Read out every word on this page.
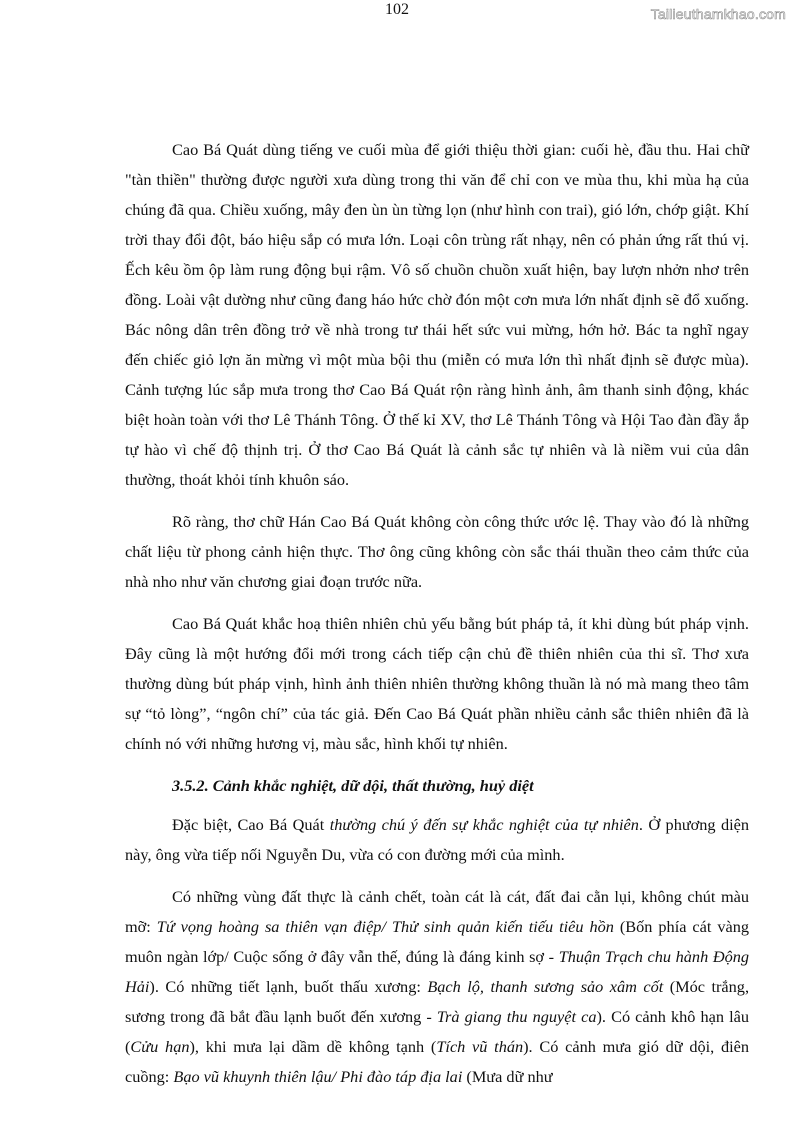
102	Tailieuthamkhao.com

Cao Bá Quát dùng tiếng ve cuối mùa để giới thiệu thời gian: cuối hè, đầu thu. Hai chữ "tàn thiền" thường được người xưa dùng trong thi văn để chỉ con ve mùa thu, khi mùa hạ của chúng đã qua. Chiều xuống, mây đen ùn ùn từng lọn (như hình con trai), gió lớn, chớp giật. Khí trời thay đổi đột, báo hiệu sắp có mưa lớn. Loại côn trùng rất nhạy, nên có phản ứng rất thú vị. Ếch kêu ồm ộp làm rung động bụi rậm. Vô số chuồn chuồn xuất hiện, bay lượn nhởn nhơ trên đồng. Loài vật dường như cũng đang háo hức chờ đón một cơn mưa lớn nhất định sẽ đổ xuống. Bác nông dân trên đồng trở về nhà trong tư thái hết sức vui mừng, hớn hở. Bác ta nghĩ ngay đến chiếc giỏ lợn ăn mừng vì một mùa bội thu (miễn có mưa lớn thì nhất định sẽ được mùa). Cảnh tượng lúc sắp mưa trong thơ Cao Bá Quát rộn ràng hình ảnh, âm thanh sinh động, khác biệt hoàn toàn với thơ Lê Thánh Tông. Ở thế kỉ XV, thơ Lê Thánh Tông và Hội Tao đàn đầy ắp tự hào vì chế độ thịnh trị. Ở thơ Cao Bá Quát là cảnh sắc tự nhiên và là niềm vui của dân thường, thoát khỏi tính khuôn sáo.

Rõ ràng, thơ chữ Hán Cao Bá Quát không còn công thức ước lệ. Thay vào đó là những chất liệu từ phong cảnh hiện thực. Thơ ông cũng không còn sắc thái thuần theo cảm thức của nhà nho như văn chương giai đoạn trước nữa.

Cao Bá Quát khắc hoạ thiên nhiên chủ yếu bằng bút pháp tả, ít khi dùng bút pháp vịnh. Đây cũng là một hướng đổi mới trong cách tiếp cận chủ đề thiên nhiên của thi sĩ. Thơ xưa thường dùng bút pháp vịnh, hình ảnh thiên nhiên thường không thuần là nó mà mang theo tâm sự “tỏ lòng”, “ngôn chí” của tác giả. Đến Cao Bá Quát phần nhiều cảnh sắc thiên nhiên đã là chính nó với những hương vị, màu sắc, hình khối tự nhiên.

3.5.2. Cảnh khắc nghiệt, dữ dội, thất thường, huỷ diệt

Đặc biệt, Cao Bá Quát thường chú ý đến sự khắc nghiệt của tự nhiên. Ở phương diện này, ông vừa tiếp nối Nguyễn Du, vừa có con đường mới của mình.

Có những vùng đất thực là cảnh chết, toàn cát là cát, đất đai cằn lụi, không chút màu mỡ: Tứ vọng hoàng sa thiên vạn điệp/ Thử sinh quản kiến tiếu tiêu hồn (Bốn phía cát vàng muôn ngàn lớp/ Cuộc sống ở đây vẫn thế, đúng là đáng kinh sợ - Thuận Trạch chu hành Động Hải). Có những tiết lạnh, buốt thấu xương: Bạch lộ, thanh sương sảo xâm cốt (Móc trắng, sương trong đã bắt đầu lạnh buốt đến xương - Trà giang thu nguyệt ca). Có cảnh khô hạn lâu (Cửu hạn), khi mưa lại dầm dề không tạnh (Tích vũ thán). Có cảnh mưa gió dữ dội, điên cuồng: Bạo vũ khuynh thiên lậu/ Phi đào táp địa lai (Mưa dữ như
